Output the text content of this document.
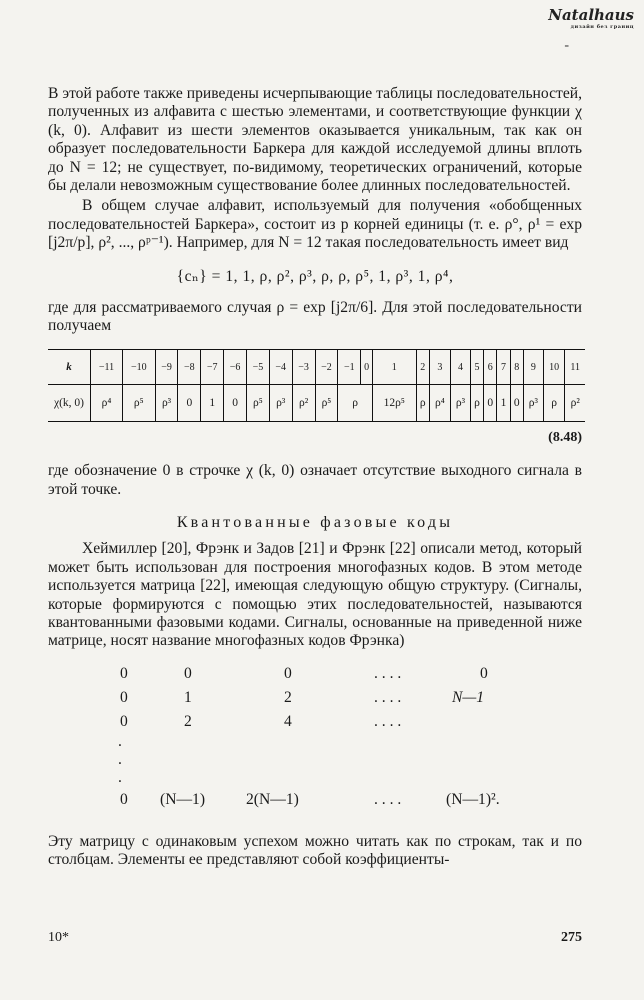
Natalhaus
дизайн без границ
-

В этой работе также приведены исчерпывающие таблицы последовательностей, полученных из алфавита с шестью элементами, и соответствующие функции χ (k, 0). Алфавит из шести элементов оказывается уникальным, так как он образует последовательности Баркера для каждой исследуемой длины вплоть до N = 12; не существует, по-видимому, теоретических ограничений, которые бы делали невозможным существование более длинных последовательностей.

В общем случае алфавит, используемый для получения «обобщенных последовательностей Баркера», состоит из p корней единицы (т. е. ρ°, ρ¹ = exp [j2π/p], ρ², ..., ρᵖ⁻¹). Например, для N = 12 такая последовательность имеет вид

{cₙ} = 1, 1, ρ, ρ², ρ³, ρ, ρ, ρ⁵, 1, ρ³, 1, ρ⁴,

где для рассматриваемого случая ρ = exp [j2π/6]. Для этой последовательности получаем

k	−11	−10	−9	−8	−7	−6	−5	−4	−3	−2	−1	0	1	2	3	4	5	6	7	8	9	10	11
χ(k, 0)	ρ⁴	ρ⁵	ρ³	0	1	0	ρ⁵	ρ³	ρ²	ρ⁵	ρ		12ρ⁵	ρ	ρ⁴	ρ³	ρ	0	1	0	ρ³	ρ	ρ²
(8.48)

где обозначение 0 в строчке χ (k, 0) означает отсутствие выходного сигнала в этой точке.

Квантованные фазовые коды

Хеймиллер [20], Фрэнк и Задов [21] и Фрэнк [22] описали метод, который может быть использован для построения многофазных кодов. В этом методе используется матрица [22], имеющая следующую общую структуру. (Сигналы, которые формируются с помощью этих последовательностей, называются квантованными фазовыми кодами. Сигналы, основанные на приведенной ниже матрице, носят название многофазных кодов Фрэнка)

0	0	0	. . . .	0
0	1	2	. . . .	N—1
0	2	4	. . . .
.
.
.
0 (N—1)	2(N—1)	. . . .	(N—1)².

Эту матрицу с одинаковым успехом можно читать как по строкам, так и по столбцам. Элементы ее представляют собой коэффициенты-

10*	275
